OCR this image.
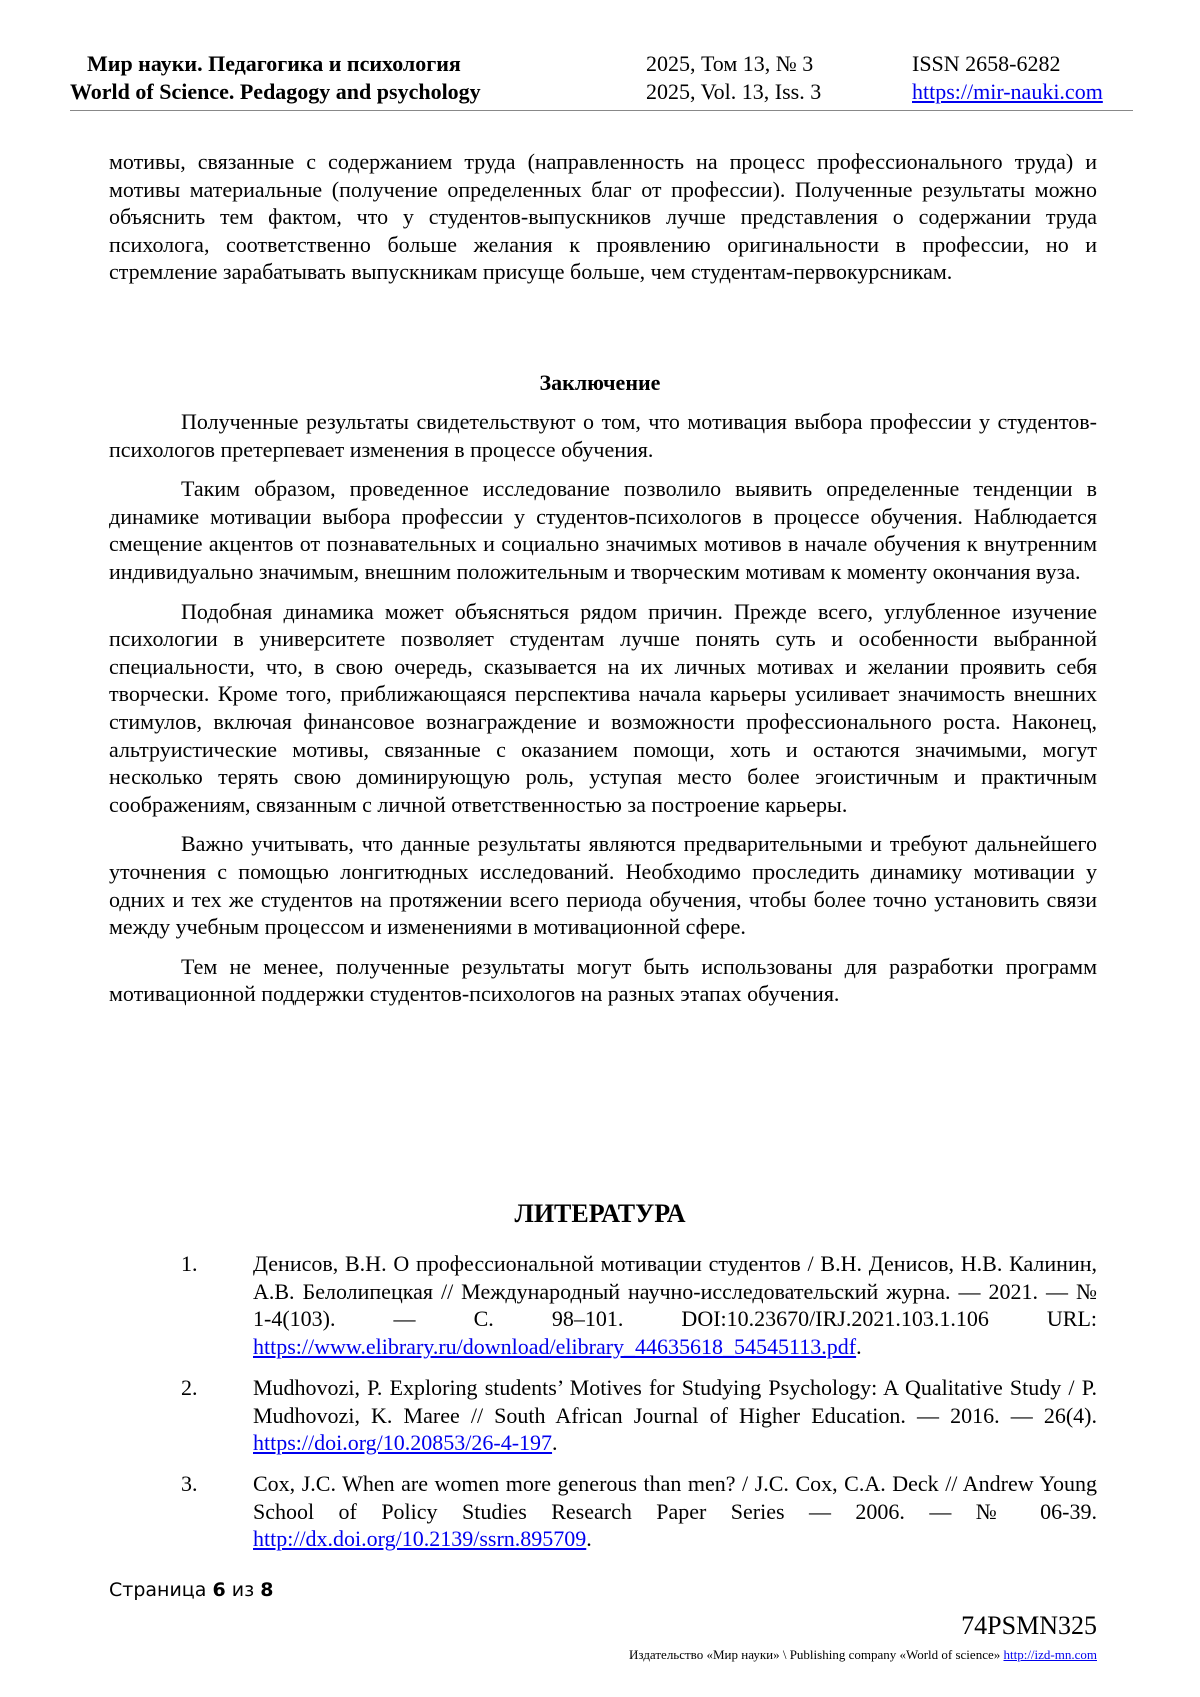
Мир науки. Педагогика и психология
World of Science. Pedagogy and psychology
2025, Том 13, № 3
2025, Vol. 13, Iss. 3
ISSN 2658-6282
https://mir-nauki.com

мотивы, связанные с содержанием труда (направленность на процесс профессионального труда) и мотивы материальные (получение определенных благ от профессии). Полученные результаты можно объяснить тем фактом, что у студентов-выпускников лучше представления о содержании труда психолога, соответственно больше желания к проявлению оригинальности в профессии, но и стремление зарабатывать выпускникам присуще больше, чем студентам-первокурсникам.

Заключение

Полученные результаты свидетельствуют о том, что мотивация выбора профессии у студентов-психологов претерпевает изменения в процессе обучения.

Таким образом, проведенное исследование позволило выявить определенные тенденции в динамике мотивации выбора профессии у студентов-психологов в процессе обучения. Наблюдается смещение акцентов от познавательных и социально значимых мотивов в начале обучения к внутренним индивидуально значимым, внешним положительным и творческим мотивам к моменту окончания вуза.

Подобная динамика может объясняться рядом причин. Прежде всего, углубленное изучение психологии в университете позволяет студентам лучше понять суть и особенности выбранной специальности, что, в свою очередь, сказывается на их личных мотивах и желании проявить себя творчески. Кроме того, приближающаяся перспектива начала карьеры усиливает значимость внешних стимулов, включая финансовое вознаграждение и возможности профессионального роста. Наконец, альтруистические мотивы, связанные с оказанием помощи, хоть и остаются значимыми, могут несколько терять свою доминирующую роль, уступая место более эгоистичным и практичным соображениям, связанным с личной ответственностью за построение карьеры.

Важно учитывать, что данные результаты являются предварительными и требуют дальнейшего уточнения с помощью лонгитюдных исследований. Необходимо проследить динамику мотивации у одних и тех же студентов на протяжении всего периода обучения, чтобы более точно установить связи между учебным процессом и изменениями в мотивационной сфере.

Тем не менее, полученные результаты могут быть использованы для разработки программ мотивационной поддержки студентов-психологов на разных этапах обучения.

ЛИТЕРАТУРА
1.	Денисов, В.Н. О профессиональной мотивации студентов / В.Н. Денисов, Н.В. Калинин, А.В. Белолипецкая // Международный научно-исследовательский журна. — 2021. — № 1-4(103). — С. 98–101. DOI:10.23670/IRJ.2021.103.1.106 URL: https://www.elibrary.ru/download/elibrary_44635618_54545113.pdf.
2.	Mudhovozi, P. Exploring students’ Motives for Studying Psychology: A Qualitative Study / P. Mudhovozi, K. Maree // South African Journal of Higher Education. — 2016. — 26(4). https://doi.org/10.20853/26-4-197.
3.	Cox, J.C. When are women more generous than men? / J.C. Cox, C.A. Deck // Andrew Young School of Policy Studies Research Paper Series — 2006. — № 06-39. http://dx.doi.org/10.2139/ssrn.895709.
Страница 6 из 8
74PSMN325
Издательство «Мир науки» \ Publishing company «World of science» http://izd-mn.com
